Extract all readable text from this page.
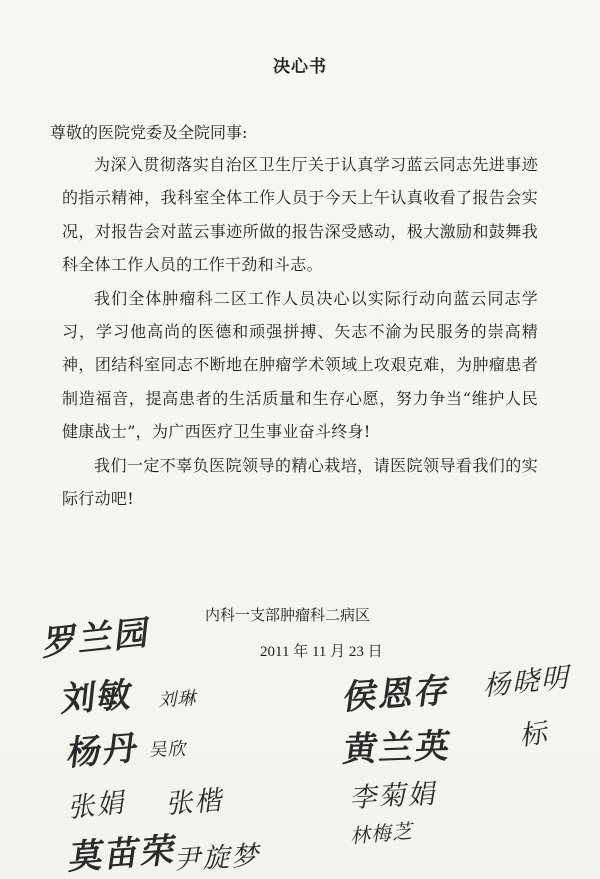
决心书
尊敬的医院党委及全院同事:

为深入贯彻落实自治区卫生厅关于认真学习蓝云同志先进事迹的指示精神，我科室全体工作人员于今天上午认真收看了报告会实况，对报告会对蓝云事迹所做的报告深受感动，极大激励和鼓舞我科全体工作人员的工作干劲和斗志。

我们全体肿瘤科二区工作人员决心以实际行动向蓝云同志学习，学习他高尚的医德和顽强拼搏、矢志不渝为民服务的崇高精神，团结科室同志不断地在肿瘤学术领域上攻艰克难，为肿瘤患者制造福音，提高患者的生活质量和生存心愿，努力争当“维护人民健康战士”，为广西医疗卫生事业奋斗终身!

我们一定不辜负医院领导的精心栽培，请医院领导看我们的实际行动吧!

内科一支部肿瘤科二病区
2011 年 11 月 23 日
罗兰园
刘敏 刘琳
杨丹 吴欣
张娟 张楷
莫苗荣
尹旋梦
侯恩存 杨晓明
黄兰英 标
李菊娟
林梅芝
